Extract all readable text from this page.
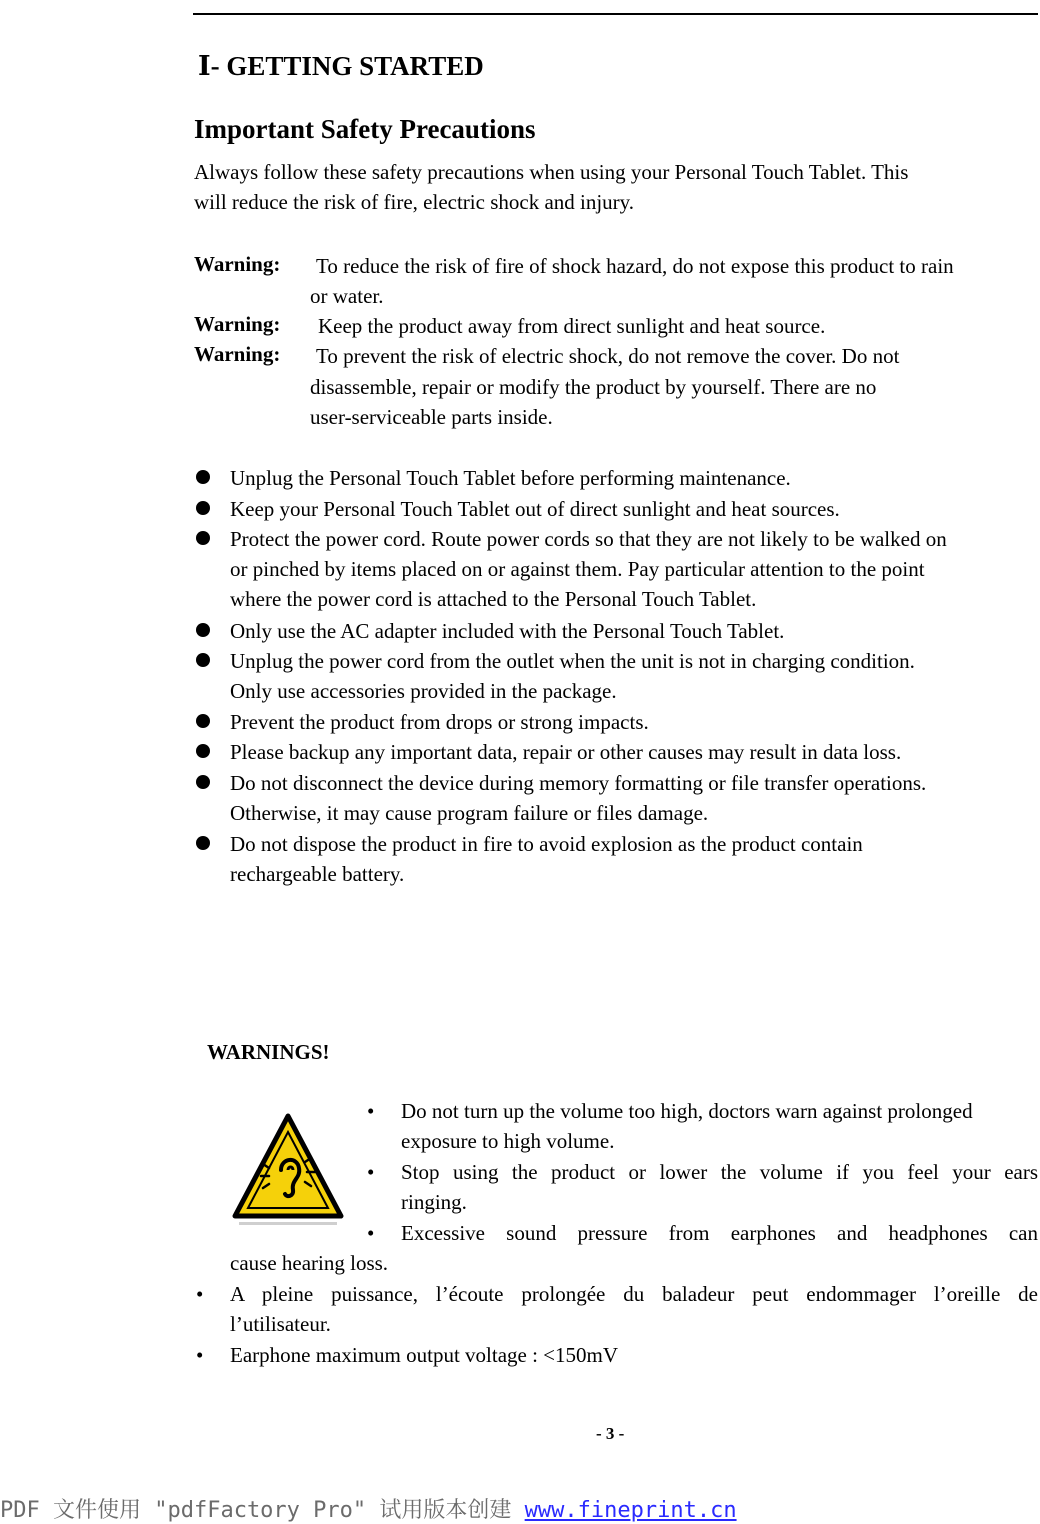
Ⅰ- GETTING STARTED
Important Safety Precautions
Always follow these safety precautions when using your Personal Touch Tablet. This
will reduce the risk of fire, electric shock and injury.
Warning: To reduce the risk of fire of shock hazard, do not expose this product to rain
or water.
Warning: Keep the product away from direct sunlight and heat source.
Warning: To prevent the risk of electric shock, do not remove the cover. Do not
disassemble, repair or modify the product by yourself. There are no
user-serviceable parts inside.
Unplug the Personal Touch Tablet before performing maintenance.
Keep your Personal Touch Tablet out of direct sunlight and heat sources.
Protect the power cord. Route power cords so that they are not likely to be walked on
or pinched by items placed on or against them. Pay particular attention to the point
where the power cord is attached to the Personal Touch Tablet.
Only use the AC adapter included with the Personal Touch Tablet.
Unplug the power cord from the outlet when the unit is not in charging condition.
Only use accessories provided in the package.
Prevent the product from drops or strong impacts.
Please backup any important data, repair or other causes may result in data loss.
Do not disconnect the device during memory formatting or file transfer operations.
Otherwise, it may cause program failure or files damage.
Do not dispose the product in fire to avoid explosion as the product contain
rechargeable battery.
WARNINGS!
• Do not turn up the volume too high, doctors warn against prolonged
exposure to high volume.
• Stop using the product or lower the volume if you feel your ears
ringing.
• Excessive sound pressure from earphones and headphones can
cause hearing loss.
• A pleine puissance, l’écoute prolongée du baladeur peut endommager l’oreille de
l’utilisateur.
• Earphone maximum output voltage : <150mV
- 3 -
PDF 文件使用 "pdfFactory Pro" 试用版本创建 www.fineprint.cn
